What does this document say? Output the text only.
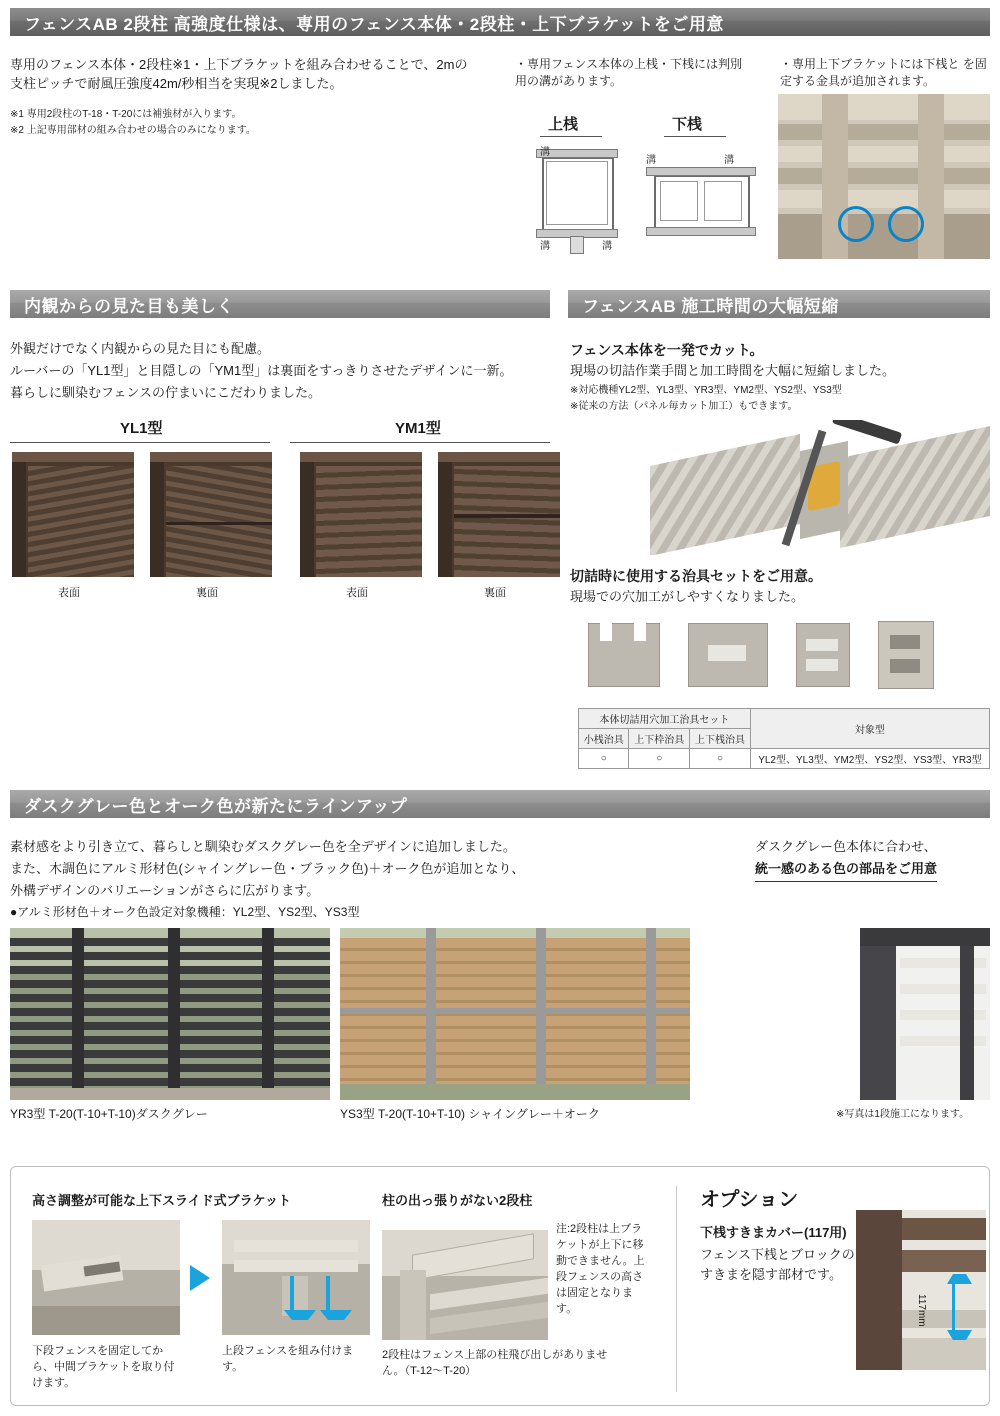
フェンスAB 2段柱 高強度仕様は、専用のフェンス本体・2段柱・上下ブラケットをご用意
専用のフェンス本体・2段柱※1・上下ブラケットを組み合わせることで、2mの支柱ピッチで耐風圧強度42m/秒相当を実現※2しました。
※1 専用2段柱のT-18・T-20には補強材が入ります。
※2 上記専用部材の組み合わせの場合のみになります。
・専用フェンス本体の上桟・下桟には判別用の溝があります。
・専用上下ブラケットには下桟と を固定する金具が追加されます。
上桟
溝
溝	溝
下桟
溝	溝
内観からの見た目も美しく
外観だけでなく内観からの見た目にも配慮。
ルーバーの「YL1型」と目隠しの「YM1型」は裏面をすっきりさせたデザインに一新。
暮らしに馴染むフェンスの佇まいにこだわりました。
YL1型	YM1型
表面	裏面	表面	裏面
フェンスAB 施工時間の大幅短縮
フェンス本体を一発でカット。
現場の切詰作業手間と加工時間を大幅に短縮しました。
※対応機種YL2型、YL3型、YR3型、YM2型、YS2型、YS3型
※従来の方法（パネル毎カット加工）もできます。
切詰時に使用する治具セットをご用意。
現場での穴加工がしやすくなりました。
本体切詰用穴加工治具セット			対象型
小桟治具	上下枠治具	上下桟治具	
○	○	○	YL2型、YL3型、YM2型、YS2型、YS3型、YR3型
ダスクグレー色とオーク色が新たにラインアップ
素材感をより引き立て、暮らしと馴染むダスクグレー色を全デザインに追加しました。
また、木調色にアルミ形材色(シャイングレー色・ブラック色)＋オーク色が追加となり、
外構デザインのバリエーションがさらに広がります。
●アルミ形材色＋オーク色設定対象機種：YL2型、YS2型、YS3型
ダスクグレー色本体に合わせ、
統一感のある色の部品をご用意
YR3型 T-20(T-10+T-10)ダスクグレー	YS3型 T-20(T-10+T-10) シャイングレー＋オーク	※写真は1段施工になります。
高さ調整が可能な上下スライド式ブラケット
下段フェンスを固定してから、中間ブラケットを取り付けます。
上段フェンスを組み付けます。
柱の出っ張りがない2段柱
注:2段柱は上ブラケットが上下に移動できません。上段フェンスの高さは固定となります。
2段柱はフェンス上部の柱飛び出しがありません。（T-12〜T-20）
オプション
下桟すきまカバー(117用)
フェンス下桟とブロックの
すきまを隠す部材です。
117mm
